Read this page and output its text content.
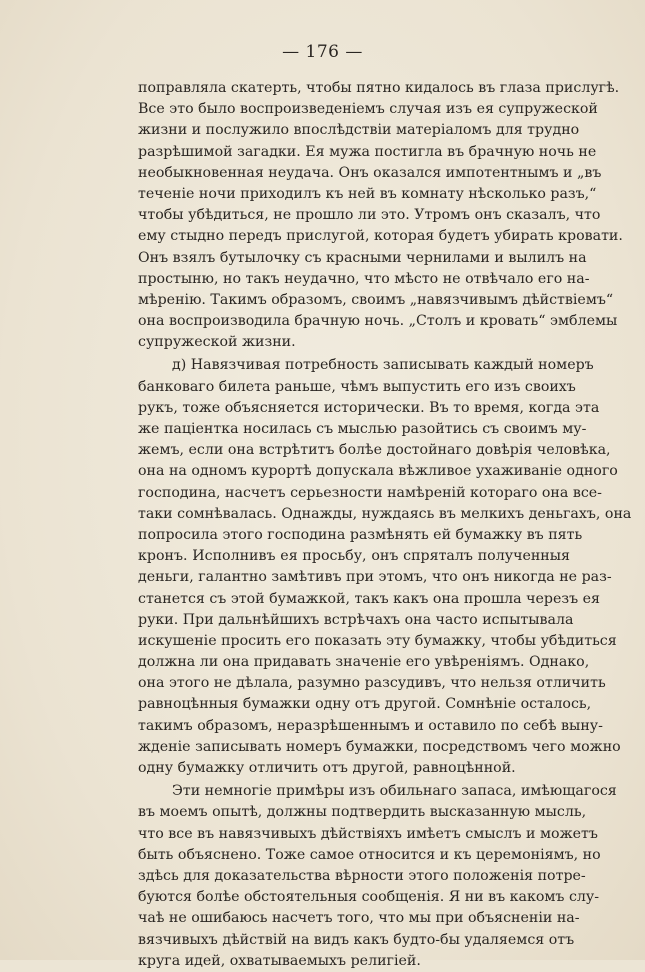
— 176 —
поправляла скатерть, чтобы пятно кидалось въ глаза прислугѣ.
Все это было воспроизведеніемъ случая изъ ея супружеской
жизни и послужило впослѣдствіи матеріаломъ для трудно
разрѣшимой загадки. Ея мужа постигла въ брачную ночь не
необыкновенная неудача. Онъ оказался импотентнымъ и „въ
теченіе ночи приходилъ къ ней въ комнату нѣсколько разъ,“
чтобы убѣдиться, не прошло ли это. Утромъ онъ сказалъ, что
ему стыдно передъ прислугой, которая будетъ убирать кровати.
Онъ взялъ бутылочку съ красными чернилами и вылилъ на
простыню, но такъ неудачно, что мѣсто не отвѣчало его на-
мѣренію. Такимъ образомъ, своимъ „навязчивымъ дѣйствіемъ“
она воспроизводила брачную ночь. „Столъ и кровать“ эмблемы
супружеской жизни.
д) Навязчивая потребность записывать каждый номеръ
банковаго билета раньше, чѣмъ выпустить его изъ своихъ
рукъ, тоже объясняется исторически. Въ то время, когда эта
же паціентка носилась съ мыслью разойтись съ своимъ му-
жемъ, если она встрѣтитъ болѣе достойнаго довѣрія человѣка,
она на одномъ курортѣ допускала вѣжливое ухаживаніе одного
господина, насчетъ серьезности намѣреній котораго она все-
таки сомнѣвалась. Однажды, нуждаясь въ мелкихъ деньгахъ, она
попросила этого господина размѣнять ей бумажку въ пять
кронъ. Исполнивъ ея просьбу, онъ спряталъ полученныя
деньги, галантно замѣтивъ при этомъ, что онъ никогда не раз-
станется съ этой бумажкой, такъ какъ она прошла черезъ ея
руки. При дальнѣйшихъ встрѣчахъ она часто испытывала
искушеніе просить его показать эту бумажку, чтобы убѣдиться
должна ли она придавать значеніе его увѣреніямъ. Однако,
она этого не дѣлала, разумно разсудивъ, что нельзя отличить
равноцѣнныя бумажки одну отъ другой. Сомнѣніе осталось,
такимъ образомъ, неразрѣшеннымъ и оставило по себѣ выну-
жденіе записывать номеръ бумажки, посредствомъ чего можно
одну бумажку отличить отъ другой, равноцѣнной.
Эти немногіе примѣры изъ обильнаго запаса, имѣющагося
въ моемъ опытѣ, должны подтвердить высказанную мысль,
что все въ навязчивыхъ дѣйствіяхъ имѣетъ смыслъ и можетъ
быть объяснено. Тоже самое относится и къ церемоніямъ, но
здѣсь для доказательства вѣрности этого положенія потре-
буются болѣе обстоятельныя сообщенія. Я ни въ какомъ слу-
чаѣ не ошибаюсь насчетъ того, что мы при объясненіи на-
вязчивыхъ дѣйствій на видъ какъ будто-бы удаляемся отъ
круга идей, охватываемыхъ религіей.
